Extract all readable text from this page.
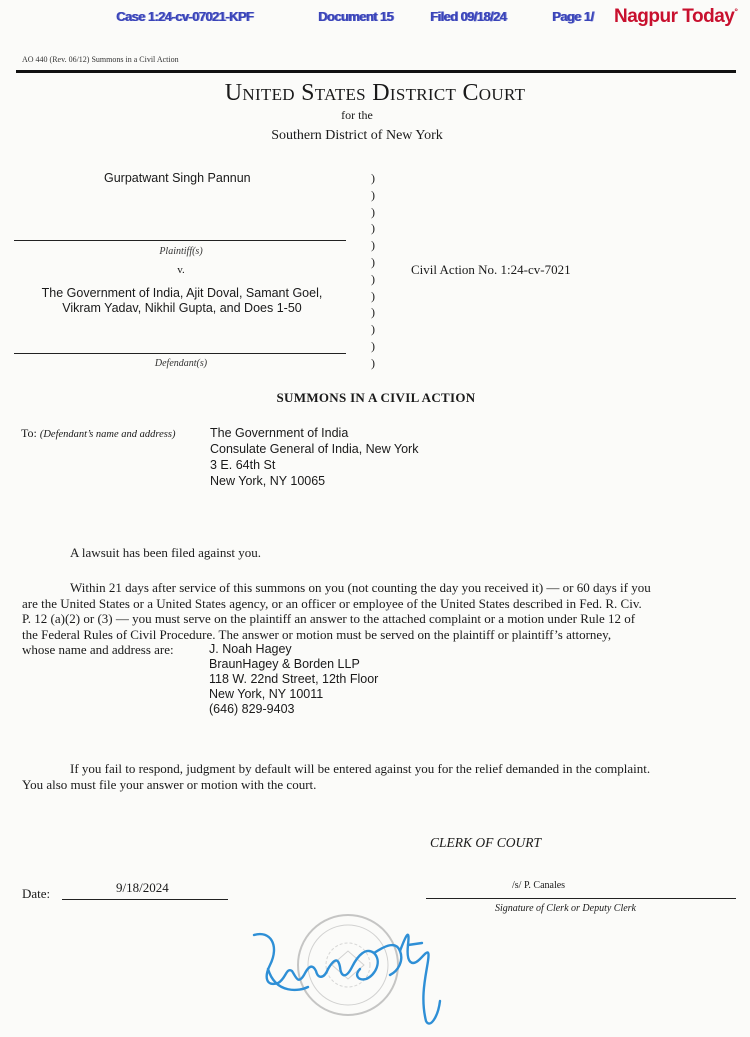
Case 1:24-cv-07021-KPF	Document 15	Filed 09/18/24	Page 1/ Nagpur Today°
AO 440 (Rev. 06/12) Summons in a Civil Action
United States District Court
for the
Southern District of New York
Gurpatwant Singh Pannun
Plaintiff(s)
v.
The Government of India, Ajit Doval, Samant Goel,
Vikram Yadav, Nikhil Gupta, and Does 1-50
Defendant(s)
)
)
)
)
)
)
)
)
)
)
)
)
Civil Action No. 1:24-cv-7021
SUMMONS IN A CIVIL ACTION
To: (Defendant’s name and address)	The Government of India
Consulate General of India, New York
3 E. 64th St
New York, NY 10065
A lawsuit has been filed against you.
Within 21 days after service of this summons on you (not counting the day you received it) — or 60 days if you
are the United States or a United States agency, or an officer or employee of the United States described in Fed. R. Civ.
P. 12 (a)(2) or (3) — you must serve on the plaintiff an answer to the attached complaint or a motion under Rule 12 of
the Federal Rules of Civil Procedure. The answer or motion must be served on the plaintiff or plaintiff’s attorney,
whose name and address are:	J. Noah Hagey
BraunHagey & Borden LLP
118 W. 22nd Street, 12th Floor
New York, NY 10011
(646) 829-9403
If you fail to respond, judgment by default will be entered against you for the relief demanded in the complaint.
You also must file your answer or motion with the court.
CLERK OF COURT
Date:	9/18/2024	/s/ P. Canales
Signature of Clerk or Deputy Clerk
